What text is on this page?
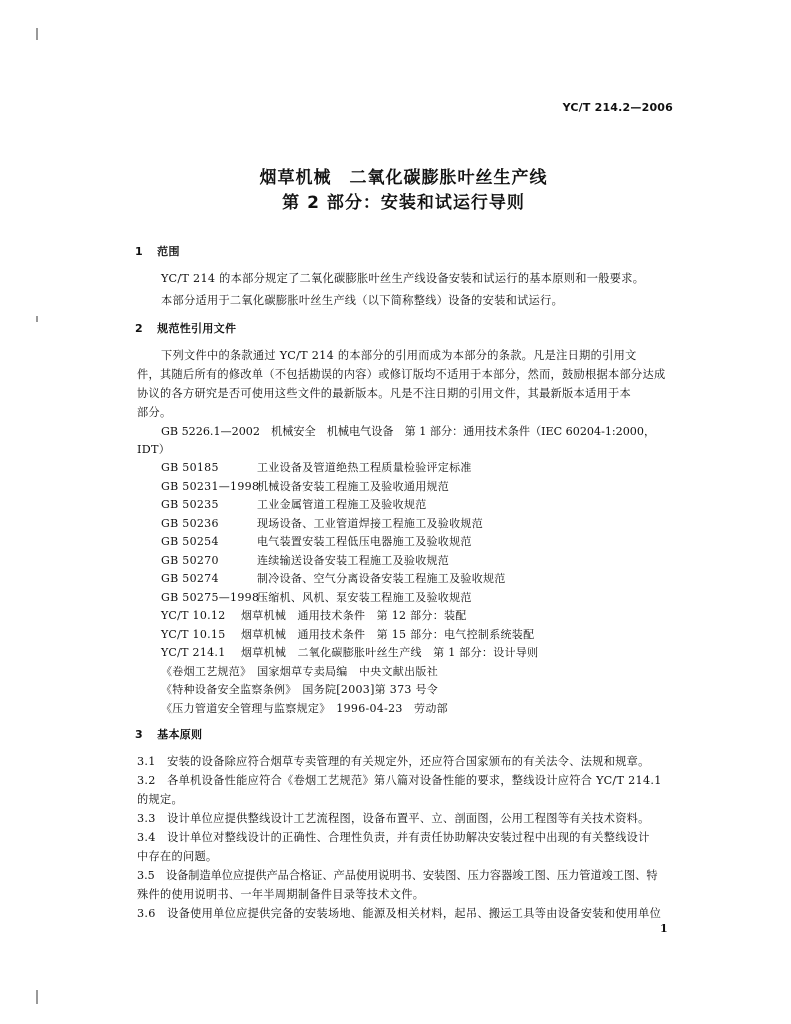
YC/T 214.2—2006
烟草机械　二氧化碳膨胀叶丝生产线
第 2 部分：安装和试运行导则
1 范围
YC/T 214 的本部分规定了二氧化碳膨胀叶丝生产线设备安装和试运行的基本原则和一般要求。
本部分适用于二氧化碳膨胀叶丝生产线（以下简称整线）设备的安装和试运行。
2 规范性引用文件
下列文件中的条款通过 YC/T 214 的本部分的引用而成为本部分的条款。凡是注日期的引用文
件，其随后所有的修改单（不包括勘误的内容）或修订版均不适用于本部分，然而，鼓励根据本部分达成
协议的各方研究是否可使用这些文件的最新版本。凡是不注日期的引用文件，其最新版本适用于本
部分。
GB 5226.1—2002　机械安全　机械电气设备　第 1 部分：通用技术条件（IEC 60204-1:2000，
IDT）
GB 50185	工业设备及管道绝热工程质量检验评定标准
GB 50231—1998机械设备安装工程施工及验收通用规范
GB 50235	工业金属管道工程施工及验收规范
GB 50236	现场设备、工业管道焊接工程施工及验收规范
GB 50254	电气装置安装工程低压电器施工及验收规范
GB 50270	连续输送设备安装工程施工及验收规范
GB 50274	制冷设备、空气分离设备安装工程施工及验收规范
GB 50275—1998压缩机、风机、泵安装工程施工及验收规范
YC/T 10.12 烟草机械　通用技术条件　第 12 部分：装配
YC/T 10.15 烟草机械　通用技术条件　第 15 部分：电气控制系统装配
YC/T 214.1 烟草机械　二氧化碳膨胀叶丝生产线　第 1 部分：设计导则
《卷烟工艺规范》　国家烟草专卖局编　中央文献出版社
《特种设备安全监察条例》　国务院[2003]第 373 号令
《压力管道安全管理与监察规定》　1996-04-23　劳动部
3 基本原则
3.1　安装的设备除应符合烟草专卖管理的有关规定外，还应符合国家颁布的有关法令、法规和规章。
3.2　各单机设备性能应符合《卷烟工艺规范》第八篇对设备性能的要求，整线设计应符合 YC/T 214.1
的规定。
3.3　设计单位应提供整线设计工艺流程图，设备布置平、立、剖面图，公用工程图等有关技术资料。
3.4　设计单位对整线设计的正确性、合理性负责，并有责任协助解决安装过程中出现的有关整线设计
中存在的问题。
3.5　设备制造单位应提供产品合格证、产品使用说明书、安装图、压力容器竣工图、压力管道竣工图、特
殊件的使用说明书、一年半周期制备件目录等技术文件。
3.6　设备使用单位应提供完备的安装场地、能源及相关材料，起吊、搬运工具等由设备安装和使用单位
1
